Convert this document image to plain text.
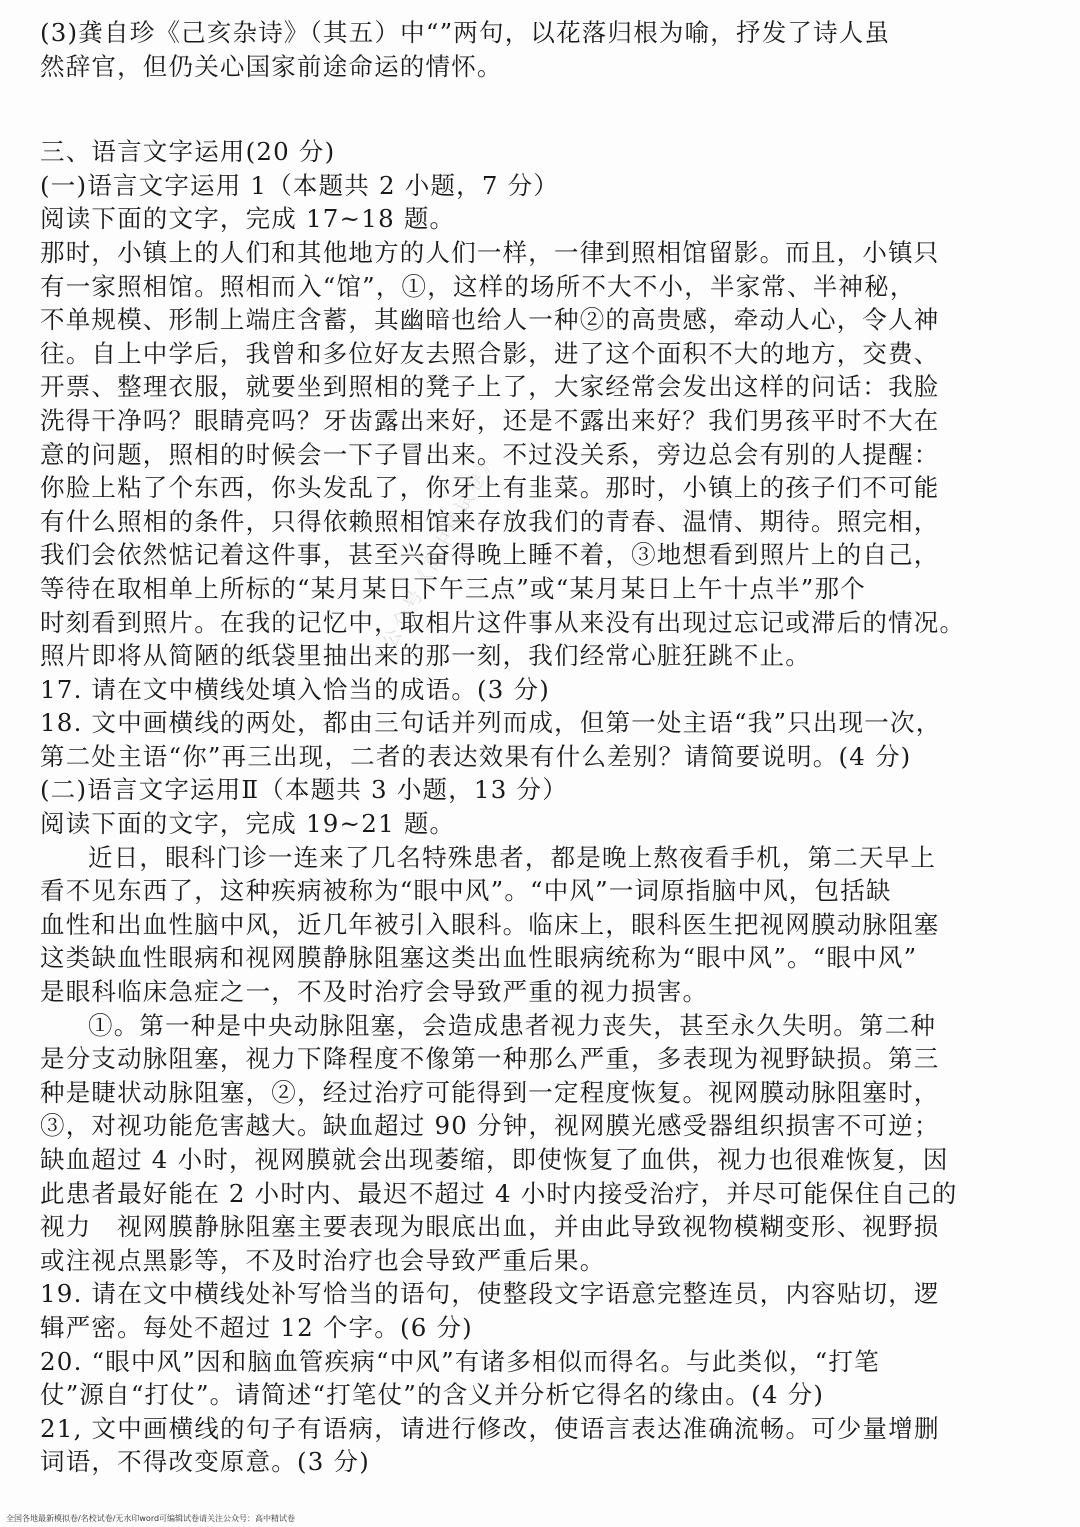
(3)龚自珍《己亥杂诗》（其五）中“”两句，以花落归根为喻，抒发了诗人虽

然辞官，但仍关心国家前途命运的情怀。

三、语言文字运用(20 分)

(一)语言文字运用 1（本题共 2 小题，7 分）

阅读下面的文字，完成 17~18 题。

那时，小镇上的人们和其他地方的人们一样，一律到照相馆留影。而且，小镇只

有一家照相馆。照相而入“馆”，①，这样的场所不大不小，半家常、半神秘，

不单规模、形制上端庄含蓄，其幽暗也给人一种②的高贵感，牵动人心，令人神

往。自上中学后，我曾和多位好友去照合影，进了这个面积不大的地方，交费、

开票、整理衣服，就要坐到照相的凳子上了，大家经常会发出这样的问话：我脸

洗得干净吗？眼睛亮吗？牙齿露出来好，还是不露出来好？我们男孩平时不大在

意的问题，照相的时候会一下子冒出来。不过没关系，旁边总会有别的人提醒：

你脸上粘了个东西，你头发乱了，你牙上有韭菜。那时，小镇上的孩子们不可能

有什么照相的条件，只得依赖照相馆来存放我们的青春、温情、期待。照完相，

我们会依然惦记着这件事，甚至兴奋得晚上睡不着，③地想看到照片上的自己，

等待在取相单上所标的“某月某日下午三点”或“某月某日上午十点半”那个

时刻看到照片。在我的记忆中，取相片这件事从来没有出现过忘记或滞后的情况。

照片即将从简陋的纸袋里抽出来的那一刻，我们经常心脏狂跳不止。

17. 请在文中横线处填入恰当的成语。(3 分)

18. 文中画横线的两处，都由三句话并列而成，但第一处主语“我”只出现一次，

第二处主语“你”再三出现，二者的表达效果有什么差别？请简要说明。(4 分)

(二)语言文字运用Ⅱ（本题共 3 小题，13 分）

阅读下面的文字，完成 19~21 题。

近日，眼科门诊一连来了几名特殊患者，都是晚上熬夜看手机，第二天早上

看不见东西了，这种疾病被称为“眼中风”。“中风”一词原指脑中风，包括缺

血性和出血性脑中风，近几年被引入眼科。临床上，眼科医生把视网膜动脉阻塞

这类缺血性眼病和视网膜静脉阻塞这类出血性眼病统称为“眼中风”。“眼中风”

是眼科临床急症之一，不及时治疗会导致严重的视力损害。

①。第一种是中央动脉阻塞，会造成患者视力丧失，甚至永久失明。第二种

是分支动脉阻塞，视力下降程度不像第一种那么严重，多表现为视野缺损。第三

种是睫状动脉阻塞，②，经过治疗可能得到一定程度恢复。视网膜动脉阻塞时，

③，对视功能危害越大。缺血超过 90 分钟，视网膜光感受器组织损害不可逆；

缺血超过 4 小时，视网膜就会出现萎缩，即使恢复了血供，视力也很难恢复，因

此患者最好能在 2 小时内、最迟不超过 4 小时内接受治疗，并尽可能保住自己的

视力　视网膜静脉阻塞主要表现为眼底出血，并由此导致视物模糊变形、视野损

或注视点黑影等，不及时治疗也会导致严重后果。

19. 请在文中横线处补写恰当的语句，使整段文字语意完整连员，内容贴切，逻

辑严密。每处不超过 12 个字。(6 分)

20. “眼中风”因和脑血管疾病“中风”有诸多相似而得名。与此类似，“打笔

仗”源自“打仗”。请简述“打笔仗”的含义并分析它得名的缘由。(4 分)

21, 文中画横线的句子有语病，请进行修改，使语言表达准确流畅。可少量增删

词语，不得改变原意。(3 分)

公众号《高中精试卷》
全国各地最新模拟卷/名校试卷/无水印word可编辑试卷请关注公众号：高中精试卷
